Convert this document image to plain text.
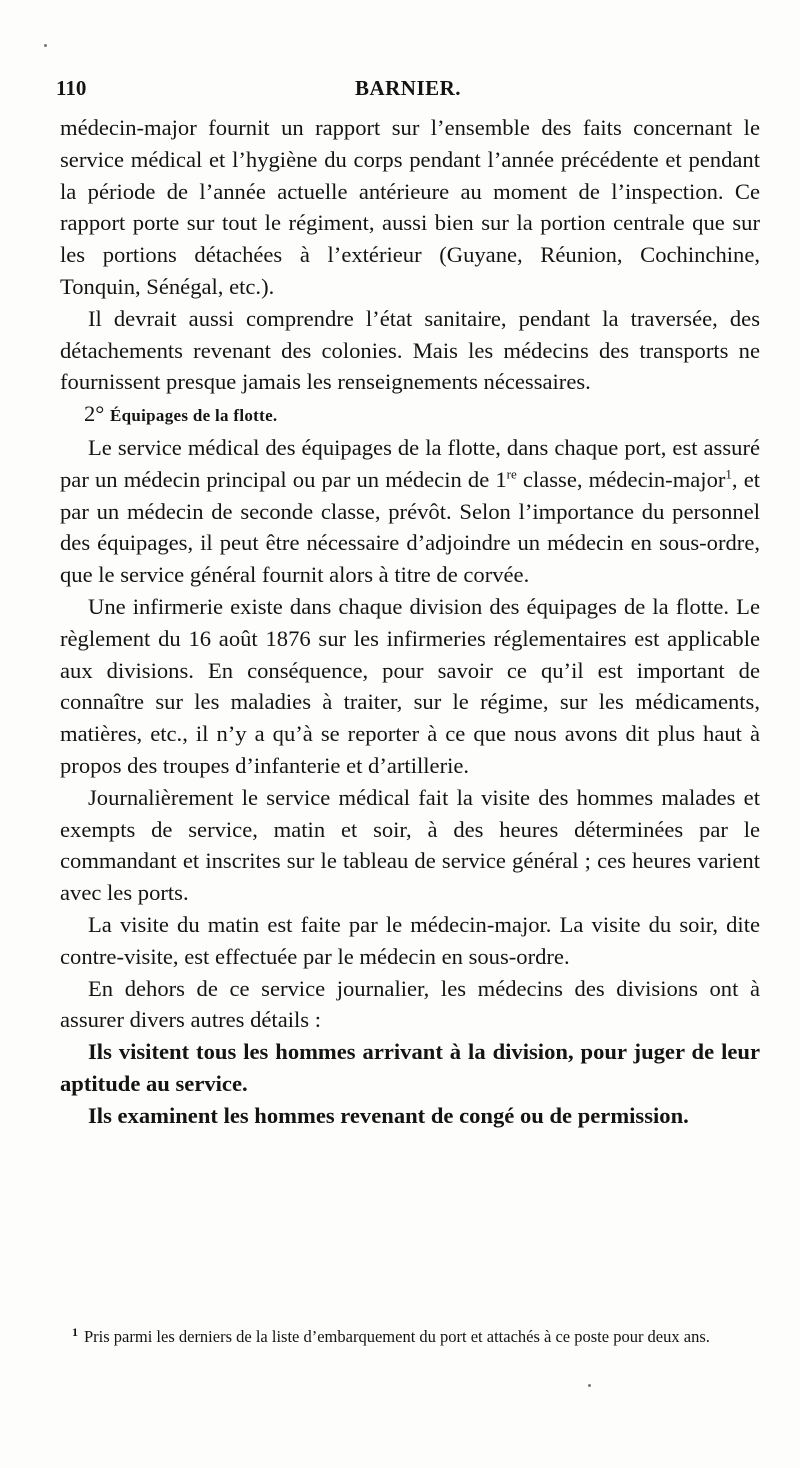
110	BARNIER.

médecin-major fournit un rapport sur l’ensemble des faits concernant le service médical et l’hygiène du corps pendant l’année précédente et pendant la période de l’année actuelle antérieure au moment de l’inspection. Ce rapport porte sur tout le régiment, aussi bien sur la portion centrale que sur les portions détachées à l’extérieur (Guyane, Réunion, Cochinchine, Tonquin, Sénégal, etc.).

Il devrait aussi comprendre l’état sanitaire, pendant la traversée, des détachements revenant des colonies. Mais les médecins des transports ne fournissent presque jamais les renseignements nécessaires.

2° Équipages de la flotte.

Le service médical des équipages de la flotte, dans chaque port, est assuré par un médecin principal ou par un médecin de 1re classe, médecin-major$^1$, et par un médecin de seconde classe, prévôt. Selon l’importance du personnel des équipages, il peut être nécessaire d’adjoindre un médecin en sous-ordre, que le service général fournit alors à titre de corvée.

Une infirmerie existe dans chaque division des équipages de la flotte. Le règlement du 16 août 1876 sur les infirmeries réglementaires est applicable aux divisions. En conséquence, pour savoir ce qu’il est important de connaître sur les maladies à traiter, sur le régime, sur les médicaments, matières, etc., il n’y a qu’à se reporter à ce que nous avons dit plus haut à propos des troupes d’infanterie et d’artillerie.

Journalièrement le service médical fait la visite des hommes malades et exempts de service, matin et soir, à des heures déterminées par le commandant et inscrites sur le tableau de service général ; ces heures varient avec les ports.

La visite du matin est faite par le médecin-major. La visite du soir, dite contre-visite, est effectuée par le médecin en sous-ordre.

En dehors de ce service journalier, les médecins des divisions ont à assurer divers autres détails :

Ils visitent tous les hommes arrivant à la division, pour juger de leur aptitude au service.

Ils examinent les hommes revenant de congé ou de permission.

$^1$ Pris parmi les derniers de la liste d’embarquement du port et attachés à ce poste pour deux ans.
